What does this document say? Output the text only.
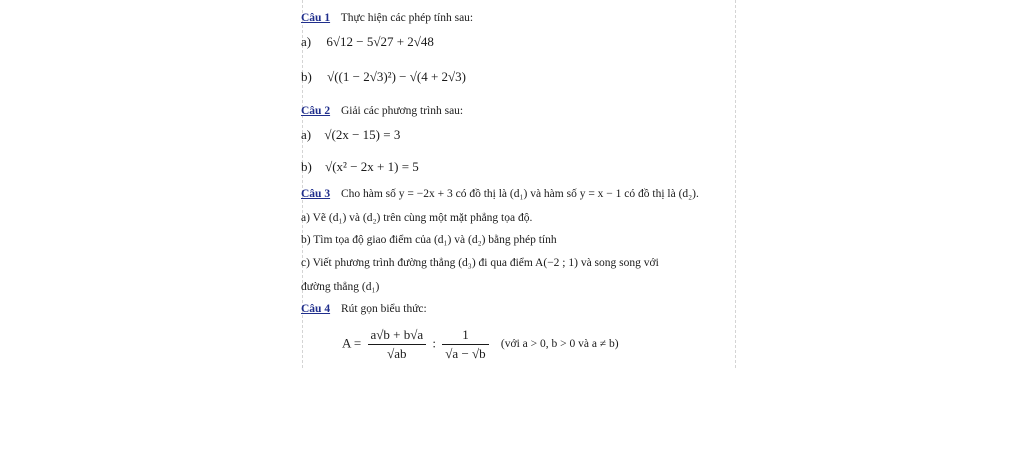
Câu 1 Thực hiện các phép tính sau:
a) 6√12 − 5√27 + 2√48
b) √((1 − 2√3)²) − √(4 + 2√3)
Câu 2 Giải các phương trình sau:
a) √(2x − 15) = 3
b) √(x² − 2x + 1) = 5
Câu 3 Cho hàm số y = −2x + 3 có đồ thị là (d₁) và hàm số y = x − 1 có đồ thị là (d₂).
a) Vẽ (d₁) và (d₂) trên cùng một mặt phẳng tọa độ.
b) Tìm tọa độ giao điểm của (d₁) và (d₂) bằng phép tính
c) Viết phương trình đường thẳng (d₃) đi qua điểm A(−2 ; 1) và song song với
đường thẳng (d₁)
Câu 4 Rút gọn biểu thức:
$A = \frac{a√b + b√a}{√ab}$ : $\frac{1}{√a - √b}$ (với a > 0, b > 0 và a ≠ b)
